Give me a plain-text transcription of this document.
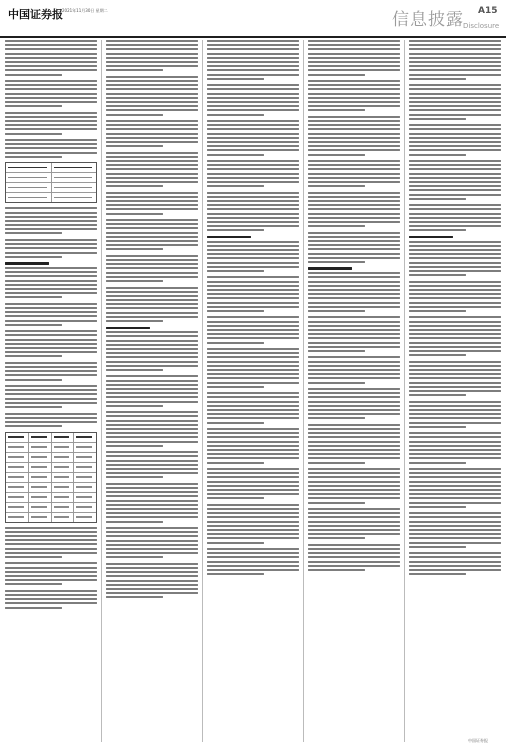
中国证券报 2021年11月30日 星期二	信息披露 Disclosure
A15
中国证券报
